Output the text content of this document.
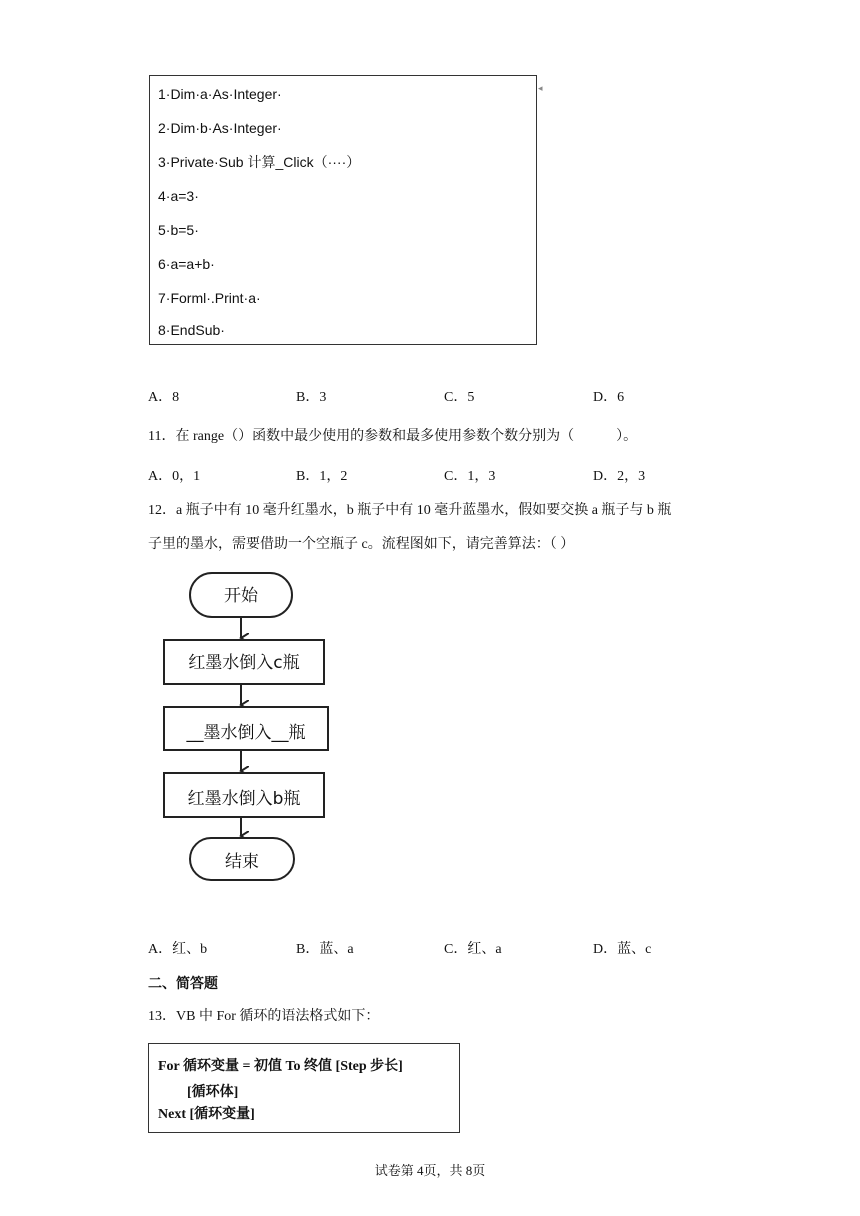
1·Dim·a·As·Integer·
2·Dim·b·As·Integer·
3·Private·Sub 计算_Click（····）
4·a=3·
5·b=5·
6·a=a+b·
7·Forml·.Print·a·
8·EndSub·
◂
A．8	B．3	C．5	D．6
11．在 range（）函数中最少使用的参数和最多使用参数个数分别为（　　　）。
A．0，1	B．1，2	C．1，3	D．2，3
12．a 瓶子中有 10 毫升红墨水，b 瓶子中有 10 毫升蓝墨水，假如要交换 a 瓶子与 b 瓶
子里的墨水，需要借助一个空瓶子 c。流程图如下，请完善算法：（ ）
开始
红墨水倒入c瓶
__墨水倒入__瓶
红墨水倒入b瓶
结束
A．红、b	B．蓝、a	C．红、a	D．蓝、c
二、简答题
13．VB 中 For 循环的语法格式如下：
For 循环变量 = 初值 To 终值 [Step 步长]
[循环体]
Next [循环变量]
试卷第 4页，共 8页
